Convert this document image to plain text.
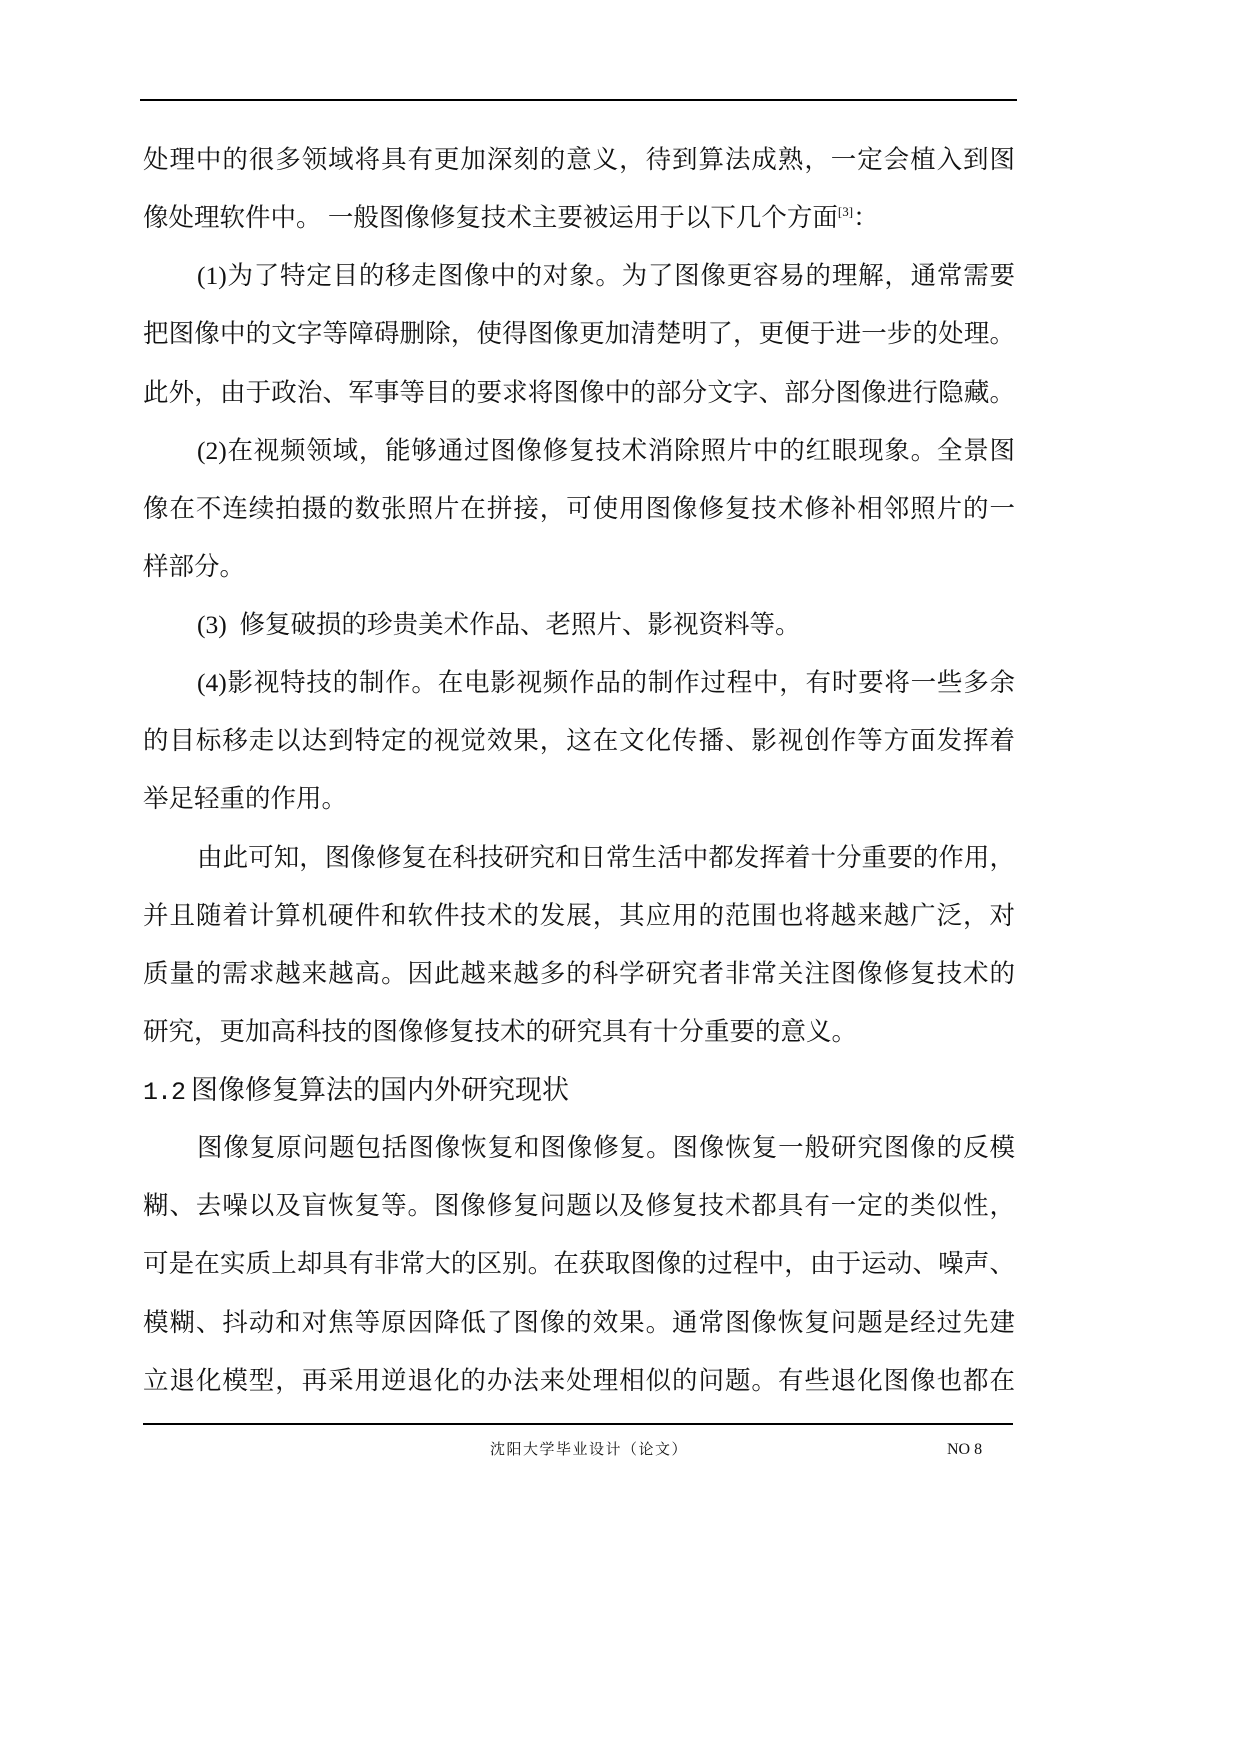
处理中的很多领域将具有更加深刻的意义，待到算法成熟，一定会植入到图
像处理软件中。 一般图像修复技术主要被运用于以下几个方面[3]：
(1)为了特定目的移走图像中的对象。为了图像更容易的理解，通常需要
把图像中的文字等障碍删除，使得图像更加清楚明了，更便于进一步的处理。
此外，由于政治、军事等目的要求将图像中的部分文字、部分图像进行隐藏。
(2)在视频领域，能够通过图像修复技术消除照片中的红眼现象。全景图
像在不连续拍摄的数张照片在拼接，可使用图像修复技术修补相邻照片的一
样部分。
(3)  修复破损的珍贵美术作品、老照片、影视资料等。
(4)影视特技的制作。在电影视频作品的制作过程中，有时要将一些多余
的目标移走以达到特定的视觉效果，这在文化传播、影视创作等方面发挥着
举足轻重的作用。
由此可知，图像修复在科技研究和日常生活中都发挥着十分重要的作用，
并且随着计算机硬件和软件技术的发展，其应用的范围也将越来越广泛，对
质量的需求越来越高。因此越来越多的科学研究者非常关注图像修复技术的
研究，更加高科技的图像修复技术的研究具有十分重要的意义。
1.2 图像修复算法的国内外研究现状
图像复原问题包括图像恢复和图像修复。图像恢复一般研究图像的反模
糊、去噪以及盲恢复等。图像修复问题以及修复技术都具有一定的类似性，
可是在实质上却具有非常大的区别。在获取图像的过程中，由于运动、噪声、
模糊、抖动和对焦等原因降低了图像的效果。通常图像恢复问题是经过先建
立退化模型，再采用逆退化的办法来处理相似的问题。有些退化图像也都在
沈阳大学毕业设计（论文）	NO 8
